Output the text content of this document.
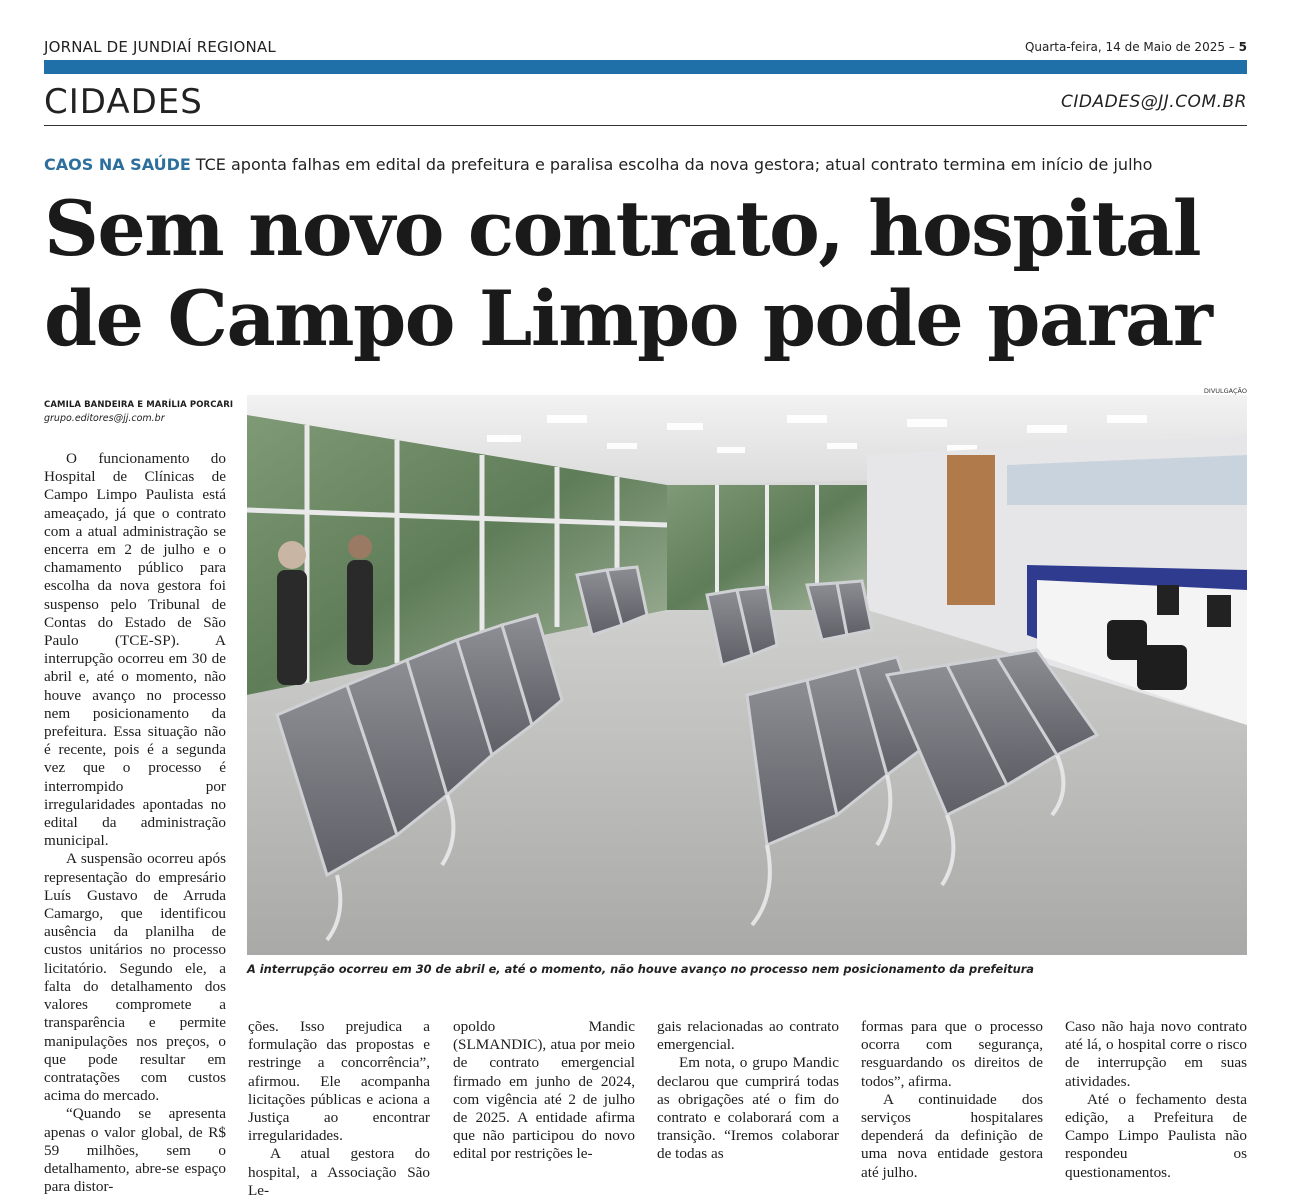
JORNAL DE JUNDIAÍ REGIONAL	Quarta-feira, 14 de Maio de 2025 – 5
CIDADES	CIDADES@JJ.COM.BR
CAOS NA SAÚDE TCE aponta falhas em edital da prefeitura e paralisa escolha da nova gestora; atual contrato termina em início de julho
Sem novo contrato, hospital
de Campo Limpo pode parar
CAMILA BANDEIRA E MARÍLIA PORCARI
grupo.editores@jj.com.br
DIVULGAÇÃO
A interrupção ocorreu em 30 de abril e, até o momento, não houve avanço no processo nem posicionamento da prefeitura

O funcionamento do Hospital de Clínicas de Campo Limpo Paulista está ameaçado, já que o contrato com a atual administração se encerra em 2 de julho e o chamamento público para escolha da nova gestora foi suspenso pelo Tribunal de Contas do Estado de São Paulo (TCE-SP). A interrupção ocorreu em 30 de abril e, até o momento, não houve avanço no processo nem posicionamento da prefeitura. Essa situação não é recente, pois é a segunda vez que o processo é interrompido por irregularidades apontadas no edital da administração municipal.

A suspensão ocorreu após representação do empresário Luís Gustavo de Arruda Camargo, que identificou ausência da planilha de custos unitários no processo licitatório. Segundo ele, a falta do detalhamento dos valores compromete a transparência e permite manipulações nos preços, o que pode resultar em contratações com custos acima do mercado.

“Quando se apresenta apenas o valor global, de R$ 59 milhões, sem o detalhamento, abre-se espaço para distor-

ções. Isso prejudica a formulação das propostas e restringe a concorrência”, afirmou. Ele acompanha licitações públicas e aciona a Justiça ao encontrar irregularidades.

A atual gestora do hospital, a Associação São Le-

opoldo Mandic (SLMANDIC), atua por meio de contrato emergencial firmado em junho de 2024, com vigência até 2 de julho de 2025. A entidade afirma que não participou do novo edital por restrições le-

gais relacionadas ao contrato emergencial.

Em nota, o grupo Mandic declarou que cumprirá todas as obrigações até o fim do contrato e colaborará com a transição. “Iremos colaborar de todas as

formas para que o processo ocorra com segurança, resguardando os direitos de todos”, afirma.

A continuidade dos serviços hospitalares dependerá da definição de uma nova entidade gestora até julho.

Caso não haja novo contrato até lá, o hospital corre o risco de interrupção em suas atividades.

Até o fechamento desta edição, a Prefeitura de Campo Limpo Paulista não respondeu os questionamentos.
